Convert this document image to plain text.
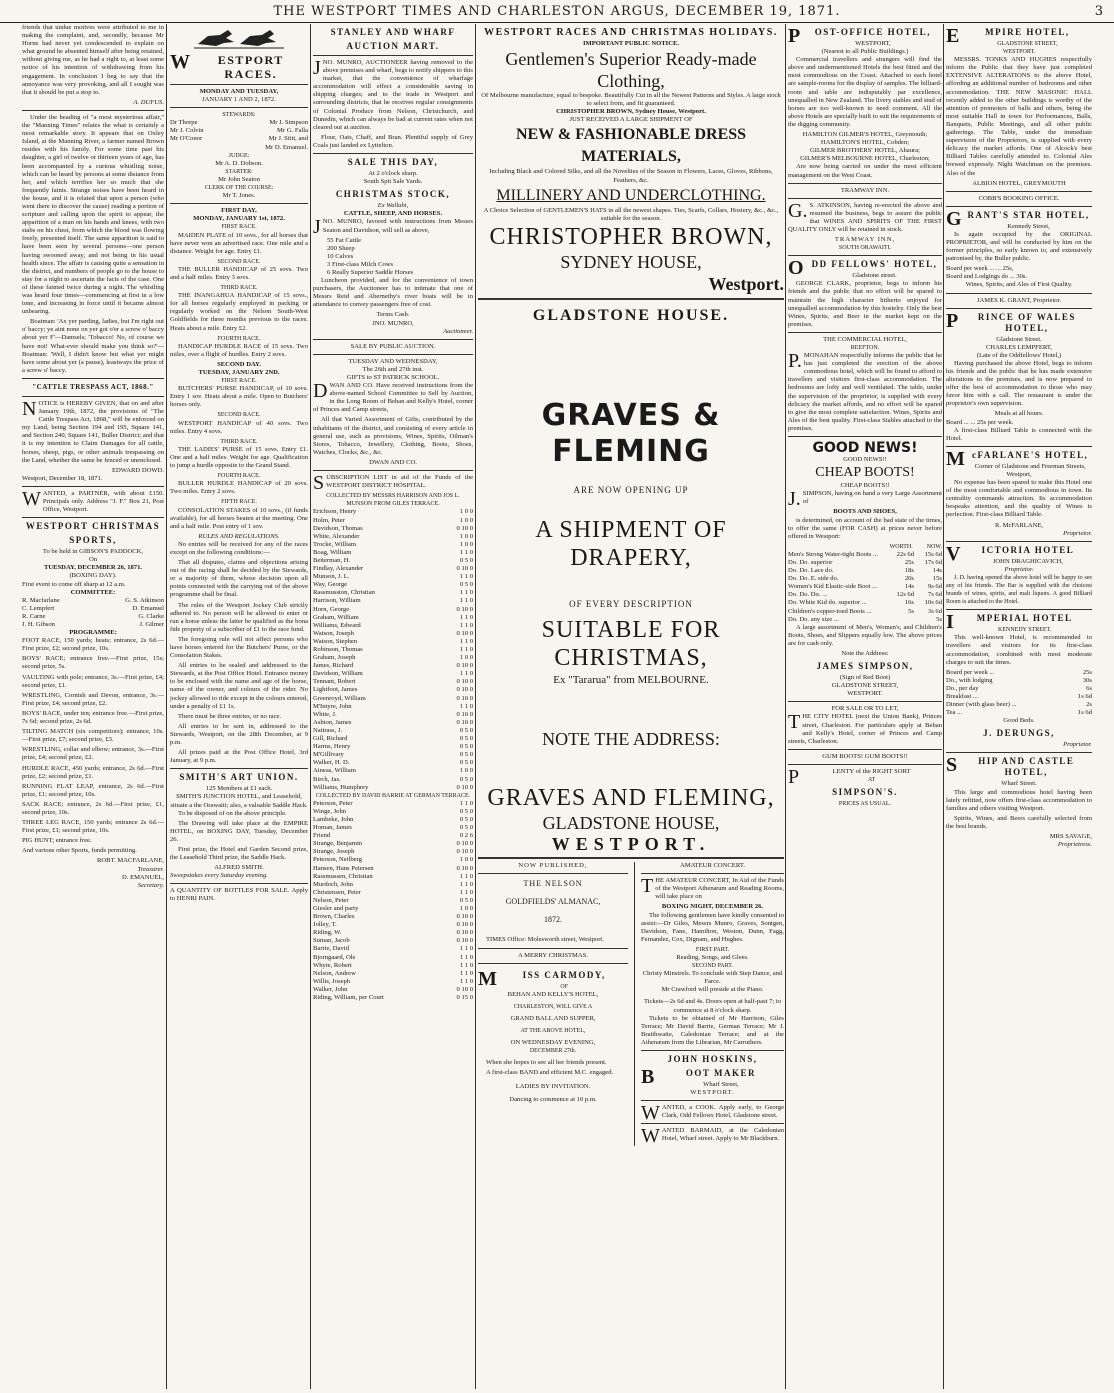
THE WESTPORT TIMES AND CHARLESTON ARGUS, DECEMBER 19, 1871.	3

friends that undue motives were attributed to me in making the complaint, and, secondly, because Mr Horne had never yet condescended to explain on what ground he absented himself after being retained, without giving me, as he had a right to, at least some notice of his intention of withdrawing from his engagement. In conclusion I beg to say that the annoyance was very provoking, and all I sought was that it should be put a stop to.

A. DUFUS.

Under the heading of "a most mysterious affair," the "Manning Times" relates the what is certainly a most remarkable story. It appears that on Oxley Island, at the Manning River, a farmer named Brown resides with his family. For some time past his daughter, a girl of twelve or thirteen years of age, has been accompanied by a curious whistling noise, which can be heard by persons at some distance from her, and which terrifies her so much that she frequently faints. Strange noises have been heard in the house, and it is related that upon a person (who went there to discover the cause) reading a portion of scripture and calling upon the spirit to appear, the apparition of a man on his hands and knees, with two stabs on his chest, from which the blood was flowing freely, presented itself. The same apparition is said to have been seen by several persons—one person having swooned away, and not being in his usual health since. The affair is causing quite a sensation in the district, and numbers of people go to the house to stay for a night to ascertain the facts of the case. One of these fainted twice during a night. The whistling was heard four times—commencing at first in a low tone, and increasing in force until it became almost unbearing.

Boatman: 'Ax yer parding, ladies, but I'm right out o' baccy; ye aint none on yer got o'er a screw o' baccy about yer F'—Damsels; 'Tobacco! No, of course we have not! What-ever should make you think so?'—Boatman: 'Well, I didn't know but what yer might have some about yer (a pause), leastways the price of a screw o' baccy.

"CATTLE TRESPASS ACT, 1868."

NOTICE is HEREBY GIVEN, that on and after January 19th, 1872, the provisions of "The Cattle Trespass Act, 1868," will be enforced on my Land, being Section 194 and 195, Square 141, and Section 240, Square 141, Buller District; and that it is my intention to Claim Damages for all cattle, horses, sheep, pigs, or other animals trespassing on the Land, whether the same be fenced or unenclosed.

EDWARD DOWD.
Westport, December 18, 1871.

WANTED, a PARTNER, with about £150. Principals only. Address "J. F." Box 21, Post Office, Westport.

WESTPORT CHRISTMAS
SPORTS,
To be held in GIBSON'S PADDOCK,
On
TUESDAY, DECEMBER 26, 1871.
(BOXING DAY).
First event to come off sharp at 12 a.m.
COMMITTEE:
R. Macfarlane	G. S. Atkinson
C. Lempfert	D. Emanuel
R. Carne	G. Clarke
J. H. Gibson	J. Gilmer
PROGRAMME:
FOOT RACE, 150 yards; heats; entrance, 2s 6d.—First prize, £2; second prize, 10s.
BOYS' RACE; entrance free.—First prize, 15s; second prize, 5s.
VAULTING with pole; entrance, 3s.—First prize, £4; second prize, £1.
WRESTLING, Cornish and Devon, entrance, 3s.—First prize, £4; second prize, £2.
BOYS' RACE, under ten; entrance free.—First prize, 7s 6d; second prize, 2s 6d.
TILTING MATCH (six competitors); entrance, 10s.—First prize, £7; second prize, £3.
WRESTLING, collar and elbow; entrance, 3s.—First prize, £4; second prize, £2.
HURDLE RACE, 450 yards; entrance, 2s 6d.—First prize, £2; second prize, £1.
RUNNING FLAT LEAP, entrance, 2s 6d.—First prize, £1; second prize, 10s.
SACK RACE; entrance, 2s 6d.—First prize, £1, second prize, 10s.
THREE LEG RACE, 150 yards; entrance 2s 6d.—First prize, £1; second prize, 10s.
PIG HUNT; entrance free.
And various other Sports, funds permitting.
ROBT. MACFARLANE,
Treasurer.
D. EMANUEL,
Secretary.
WESTPORT RACES.
MONDAY AND TUESDAY,
JANUARY 1 AND 2, 1872.
STEWARDS:
Dr Thorpe	Mr J. Simpson
Mr J. Colvin	Mr G. Falla
Mr O'Conor	Mr J. Stitt, and
Mr D. Emanuel.
JUDGE:
Mr A. D. Dobson.
STARTER:
Mr John Seaton
CLERK OF THE COURSE:
Mr T. Jones.
FIRST DAY,
MONDAY, JANUARY 1st, 1872.
FIRST RACE.
MAIDEN PLATE of 10 sovs., for all horses that have never won an advertised race. One mile and a distance. Weight for age. Entry £1.
SECOND RACE.
THE BULLER HANDICAP of 25 sovs. Two and a half miles. Entry 3 sovs.
THIRD RACE.
THE INANGAHUA HANDICAP of 15 sovs., for all horses regularly employed in packing or regularly worked on the Nelson South-West Goldfields for three months previous to the races. Heats about a mile. Entry £2.
FOURTH RACE.
HANDICAP HURDLE RACE of 15 sovs. Two miles, over a flight of hurdles. Entry 2 sovs.
SECOND DAY.
TUESDAY, JANUARY 2ND.
FIRST RACE.
BUTCHERS' PURSE HANDICAP, of 10 sovs. Entry 1 sov. Heats about a mile. Open to Butchers' horses only.
SECOND RACE.
WESTPORT HANDICAP of 40 sovs. Two miles. Entry 4 sovs.
THIRD RACE.
THE LADIES' PURSE of 15 sovs. Entry £1. One and a half miles. Weight for age. Qualification to jump a hurdle opposite to the Grand Stand.
FOURTH RACE.
BULLER HURDLE HANDICAP of 20 sovs. Two miles. Entry 2 sovs.
FIFTH RACE.
CONSOLATION STAKES of 10 sovs., (if funds available), for all horses beaten at the meeting. One and a half mile. Post entry of 1 sov.
RULES AND REGULATIONS.
No entries will be received for any of the races except on the following conditions:—
That all disputes, claims and objections arising out of the racing shall be decided by the Stewards, or a majority of them, whose decision upon all points connected with the carrying out of the above programme shall be final.
The rules of the Westport Jockey Club strictly adhered to. No person will be allowed to enter or run a horse unless the latter be qualified as the bona fide property of a subscriber of £1 to the race fund.
The foregoing rule will not affect persons who have horses entered for the Butchers' Purse, or the Consolation Stakes.
All entries to be sealed and addressed to the Stewards, at the Post Office Hotel. Entrance money to be enclosed with the name and age of the horse, name of the owner, and colours of the rider. No jockey allowed to ride except in the colours entered, under a penalty of £1 1s.
There must be three entries, or no race.
All entries to be sent in, addressed to the Stewards, Westport, on the 28th December, at 9 p.m.
All prizes paid at the Post Office Hotel, 3rd January, at 9 p.m.
SMITH'S ART UNION.
125 Members at £1 each.
SMITH'S JUNCTION HOTEL, and Leasehold, situate a the Orawaiti; also, a valuable Saddle Hack.
To be disposed of on the above principle.
The Drawing will take place at the EMPIRE HOTEL, on BOXING DAY, Tuesday, December 26.
First prize, the Hotel and Garden Second prize, the Leasehold Third prize, the Saddle Hack.
ALFRED SMITH.
Sweepstakes every Saturday evening.
A QUANTITY OF BOTTLES FOR SALE. Apply to HENRI PAIN.
STANLEY AND WHARF
AUCTION MART.

JNO. MUNRO, AUCTIONEER having removed to the above premises and wharf, begs to notify shippers to this market, that the convenience of wharfage accommodation will effect a considerable saving in shipping charges; and to the trade in Westport and surrounding districts, that he receives regular consignments of Colonial Produce from Nelson, Christchurch, and Dunedin, which can always be had at current rates when not cleared out at auction.

Flour, Oats, Chaff, and Bran. Plentiful supply of Grey Coals just landed ex Lyttelton.

SALE THIS DAY,
At 2 o'clock sharp.
South Spit Sale Yards.
CHRISTMAS STOCK,
Ex Wallabi,
CATTLE, SHEEP, AND HORSES.

JNO. MUNRO, favored with instructions from Messrs Seaton and Davidson, will sell as above,

55 Fat Cattle
200 Sheep
10 Calves
3 First-class Milch Cows
6 Really Superior Saddle Horses

Luncheon provided, and for the convenience of town purchasers, the Auctioneer has to intimate that one of Messrs Reid and Abernethy's river boats will be in attendance to convey passengers free of cost.

Terms Cash.
JNO. MUNRO,
Auctioneer.
SALE BY PUBLIC AUCTION.
TUESDAY AND WEDNESDAY,
The 26th and 27th inst.
GIFTS to ST PATRICK SCHOOL.

DWAN AND CO. Have received instructions from the above-named School Committee to Sell by Auction, in the Long Room of Behan and Kelly's Hotel, corner of Princes and Camp streets,

All that Varied Assortment of Gifts, contributed by the inhabitants of the district, and consisting of every article in general use, such as provisions, Wines, Spirits, Oilman's Stores, Tobacco, Jewellery, Clothing, Boots, Shoes, Watches, Clocks, &c., &c.

DWAN AND CO.

SUBSCRIPTION LIST in aid of the Funds of the WESTPORT DISTRICT HOSPITAL.

COLLECTED BY MESSRS HARRISON AND JOS L. MUNSON FROM GILES TERRACE.
Erichson, Henry	1 0 0
Holm, Peter	1 0 0
Davidson, Thomas	0 10 0
White, Alexander	1 0 0
Trocke, William	1 0 0
Boag, William	1 1 0
Betterman, H.	0 5 0
Findlay, Alexander	0 10 0
Munson, J. L.	1 1 0
Way, George	0 5 0
Rassmusston, Christian	1 1 0
Harrison, William	1 1 0
Horn, George	0 10 0
Graham, William	1 1 0
Williams, Edward	1 1 0
Watson, Joseph	0 10 0
Watson, Stephen	1 1 0
Robinson, Thomas	1 1 0
Graham, Joseph	1 0 0
James, Richard	0 10 0
Davidson, William	1 1 0
Tennant, Robert	0 10 0
Lightfoot, James	0 10 0
Greenroyd, William	0 10 0
M'Intyre, John	1 1 0
White, J.	0 10 0
Ashton, James	0 10 0
Nattrass, J.	0 5 0
Gill, Richard	0 5 0
Harms, Henry	0 5 0
M'Gillivary	0 5 0
Walker, H. D.	0 5 0
Aineas, William	1 0 0
Birch, Jas.	0 5 0
Williams, Humphrey	0 10 0
COLLECTED BY DAVID BARRIE AT GERMAN TERRACE.
Peterson, Peter	1 1 0
Winge, John	0 5 0
Lambeke, John	0 5 0
Homan, James	0 5 0
Friend	0 2 6
Strange, Benjamin	0 10 0
Strange, Joseph	0 10 0
Peterson, Neilberg	1 0 0
Hansen, Hans Petersen	0 10 0
Rassmussen, Christian	1 1 0
Murdoch, John	1 1 0
Christensen, Peter	1 1 0
Nelson, Peter	0 5 0
Giesler and party	1 0 0
Brown, Charles	0 10 0
Jolley, T.	0 10 0
Riding, W.	0 10 0
Suman, Jacob	0 10 0
Barrie, David	1 1 0
Bjorngaard, Ole	1 1 0
Whyte, Robert	1 1 0
Nelson, Andrew	1 1 0
Willis, Joseph	1 1 0
Walker, John	0 10 0
Riding, William, per Court	0 15 0
WESTPORT RACES AND CHRISTMAS HOLIDAYS.
IMPORTANT PUBLIC NOTICE.
Gentlemen's Superior Ready-made Clothing,
Of Melbourne manufacture, equal to bespoke. Beautifully Cut in all the Newest Patterns and Styles. A large stock to select from, and fit guaranteed.
CHRISTOPHER BROWN, Sydney House, Westport.
JUST RECEIVED A LARGE SHIPMENT OF
NEW & FASHIONABLE DRESS MATERIALS,
Including Black and Colored Silks, and all the Novelties of the Season in Flowers, Laces, Gloves, Ribbons, Feathers, &c.
MILLINERY AND UNDERCLOTHING.
A Choice Selection of GENTLEMEN'S HATS in all the newest shapes. Ties, Scarfs, Collars, Hosiery, &c., &c., suitable for the season.
CHRISTOPHER BROWN,
SYDNEY HOUSE,
Westport.
GLADSTONE HOUSE.
GRAVES & FLEMING
ARE NOW OPENING UP
A SHIPMENT OF DRAPERY,
OF EVERY DESCRIPTION
SUITABLE FOR CHRISTMAS,
Ex "Tararua" from MELBOURNE.
NOTE THE ADDRESS:
GRAVES AND FLEMING,
GLADSTONE HOUSE,
WESTPORT.
NOW PUBLISHED,
THE NELSON
GOLDFIELDS' ALMANAC,
1872.
TIMES Office: Molesworth street, Westport.
A MERRY CHRISTMAS.
MISS CARMODY,
OF
BEHAN AND KELLY'S HOTEL,
CHARLESTON, WILL GIVE A
GRAND BALL AND SUPPER,
AT THE ABOVE HOTEL,
ON WEDNESDAY EVENING,
DECEMBER 27th.
When she hopes to see all her friends present.
A first-class BAND and efficient M.C. engaged.
LADIES BY INVITATION.
Dancing to commence at 10 p.m.
AMATEUR CONCERT.

THE AMATEUR CONCERT, In Aid of the Funds of the Westport Athenæum and Reading Rooms, will take place on

BOXING NIGHT, DECEMBER 26.

The following gentlemen have kindly consented to assist:—Dr Giles, Messrs Munro, Graves, Sontgen, Davidson, Fane, Hamilton, Weston, Dunn, Fagg, Fernandez, Cox, Dignam, and Hughes.

FIRST PART.
Reading, Songs, and Glees.
SECOND PART.
Christy Minstrels. To conclude with Step Dance, and Farce.
Mr Crawford will preside at the Piano.
Tickets—2s 6d and 4s. Doors open at half-past 7; to commence at 8 o'clock sharp.

Tickets to be obtained of Mr Harrison, Giles Terrace; Mr David Barrie, German Terrace; Mr J. Braithwaite, Caledonian Terrace; and at the Athenæum from the Librarian, Mr Carruthers.

JOHN HOSKINS,
BOOT MAKER
Wharf Street,
WESTPORT.

WANTED, a COOK. Apply early, to George Clark, Odd Fellows Hotel, Gladstone street.

WANTED BARMAID, at the Caledonian Hotel, Wharf street. Apply to Mr Blackburn.

POST-OFFICE HOTEL,
WESTPORT,
(Nearest to all Public Buildings.)

Commercial travellers and strangers will find the above and undermentioned Hotels the best fitted and the most commodious on the Coast. Attached to each hotel are sample-rooms for the display of samples. The billiard-room and table are indisputably par excellence, unequalled in New Zealand. The livery stables and stud of horses are too well-known to need comment. All the above Hotels are specially built to suit the requirements of the digging community.

HAMILTON GILMER'S HOTEL, Greymouth;
HAMILTON'S HOTEL, Cobden;
GILMER BROTHERS' HOTEL, Ahaura;
GILMER'S MELBOURNE HOTEL, Charleston;

Are now being carried on under the most efficient management on the West Coast.

TRAMWAY INN.

G.S. ATKINSON, having re-erected the above and resumed the business, begs to assure the public that WINES AND SPIRITS OF THE FIRST QUALITY ONLY will be retained in stock.

TRAMWAY INN,
SOUTH ORAWAITI.
ODD FELLOWS' HOTEL,
Gladstone street.

GEORGE CLARK, proprietor, begs to inform his friends and the public that no effort will be spared to maintain the high character hitherto enjoyed for unequalled accommodation by this hostelry. Only the best Wines, Spirits, and Beer in the market kept on the premises.

THE COMMERCIAL HOTEL,
REEFTON.

P.MONAHAN respectfully informs the public that he has just completed the erection of the above commodious hotel, which will be found to afford to travellers and visitors first-class accommodation. The bedrooms are lofty and well ventilated. The table, under the supervision of the proprietor, is supplied with every delicacy the market affords, and no effort will be spared to give the most complete satisfaction. Wines, Spirits and Ales of the best quality. First-class Stables attached to the premises.

GOOD NEWS!
GOOD NEWS!!
CHEAP BOOTS!
CHEAP BOOTS!!

J.SIMPSON, having on hand a very Large Assortment of

BOOTS AND SHOES,

is determined, on account of the bad state of the times, to offer the same (FOR CASH) at prices never before offered in Westport:

WORTH. NOW.
Men's Strong Water-tight Boots ...	22s 6d	15s 6d
Do. Do. superior	25s	17s 6d
Do. Do. Lace do.	18s	14s
Do. Do. E. side do.	20s	15s
Women's Kid Elastic-side Boot ...	14s	9s 6d
Do. Do. Do. ...	12s 6d	7s 6d
Do. White Kid do. superior ...	16s	10s 6d
Children's copper-toed Boots ...	5s	3s 6d
Do. Do. any size ...	5s

A large assortment of Men's, Women's, and Children's Boots, Shoes, and Slippers equally low. The above prices are for cash only.

Note the Address:
JAMES SIMPSON,
(Sign of Red Boot)
GLADSTONE STREET,
WESTPORT.
FOR SALE OR TO LET,

THE CITY HOTEL (next the Union Bank), Princes street, Charleston. For particulars apply at Behan and Kelly's Hotel, corner of Princes and Camp streets, Charleston.

GUM BOOTS! GUM BOOTS!!
PLENTY of the RIGHT SORT
AT
SIMPSON'S.
PRICES AS USUAL.
EMPIRE HOTEL,
GLADSTONE STREET,
WESTPORT.

MESSRS. TONKS AND HUGHES respectfully inform the Public that they have just completed EXTENSIVE ALTERATIONS to the above Hotel, affording an additional number of bedrooms and other accommodation. THE NEW MASONIC HALL recently added to the other buildings is worthy of the attention of promoters of balls and others, being the most suitable Hall in town for Performances, Balls, Banquets, Public Meetings, and all other public gatherings. The Table, under the immediate supervision of the Proprietors, is supplied with every delicacy the market affords. One of Alcock's best Billiard Tables carefully attended to. Colonial Ales brewed expressly. Night Watchman on the premises. Also of the

ALBION HOTEL, GREYMOUTH
COBB'S BOOKING OFFICE.
GRANT'S STAR HOTEL,
Kennedy Street,

Is again occupied by the ORIGINAL PROPRIETOR, and will be conducted by him on the former principles, so early known to, and extensively patronised by, the Buller public.

Board per week ... ... 25s,
Board and Lodgings do ... 30s.
Wines, Spirits, and Ales of First Quality.
JAMES K. GRANT, Proprietor.
PRINCE OF WALES HOTEL,
Gladstone Street.
CHARLES LEMPFERT,
(Late of the Oddfellows' Hotel,)

Having purchased the above Hotel, begs to inform his friends and the public that he has made extensive alterations to the premises, and is now prepared to offer the best of accommodation to those who may favor him with a call. The restaurant is under the proprietor's own supervision.

Meals at all hours.
Board ... ... 25s per week.

A first-class Billiard Table is connected with the Hotel.

McFARLANE'S HOTEL,
Corner of Gladstone and Freeman Streets, Westport,

No expense has been spared to make this Hotel one of the most comfortable and commodious in town. Its centrality commands attraction. Its accommodation bespeaks attention, and the quality of Wines is perfection. First-class Billiard Table.

R. McFARLANE,
Proprietor.
VICTORIA HOTEL
JOHN DRAGHICAVICH,
Proprietor.

J. D. having opened the above hotel will be happy to see any of his friends. The Bar is supplied with the choicest brands of wines, spirits, and malt liquors. A good Billiard Room is attached to the Hotel.

IMPERIAL HOTEL
KENNEDY STREET.

This well-known Hotel, is recommended to travellers and visitors for its first-class accommodation, combined with most moderate charges to suit the times.

Board per week ...	25s
Do., with lodging	30s
Do., per day	6s
Breakfast ...	1s 6d
Dinner (with glass beer) ...	2s
Tea ...	1s 6d
Good Beds.
J. DERUNGS,
Proprietor.
SHIP AND CASTLE HOTEL,
Wharf Street.

This large and commodious hotel having been lately refitted, now offers first-class accommodation to families and others visiting Westport.

Spirits, Wines, and Beers carefully selected from the best brands.

MRS SAVAGE,
Proprietress.
